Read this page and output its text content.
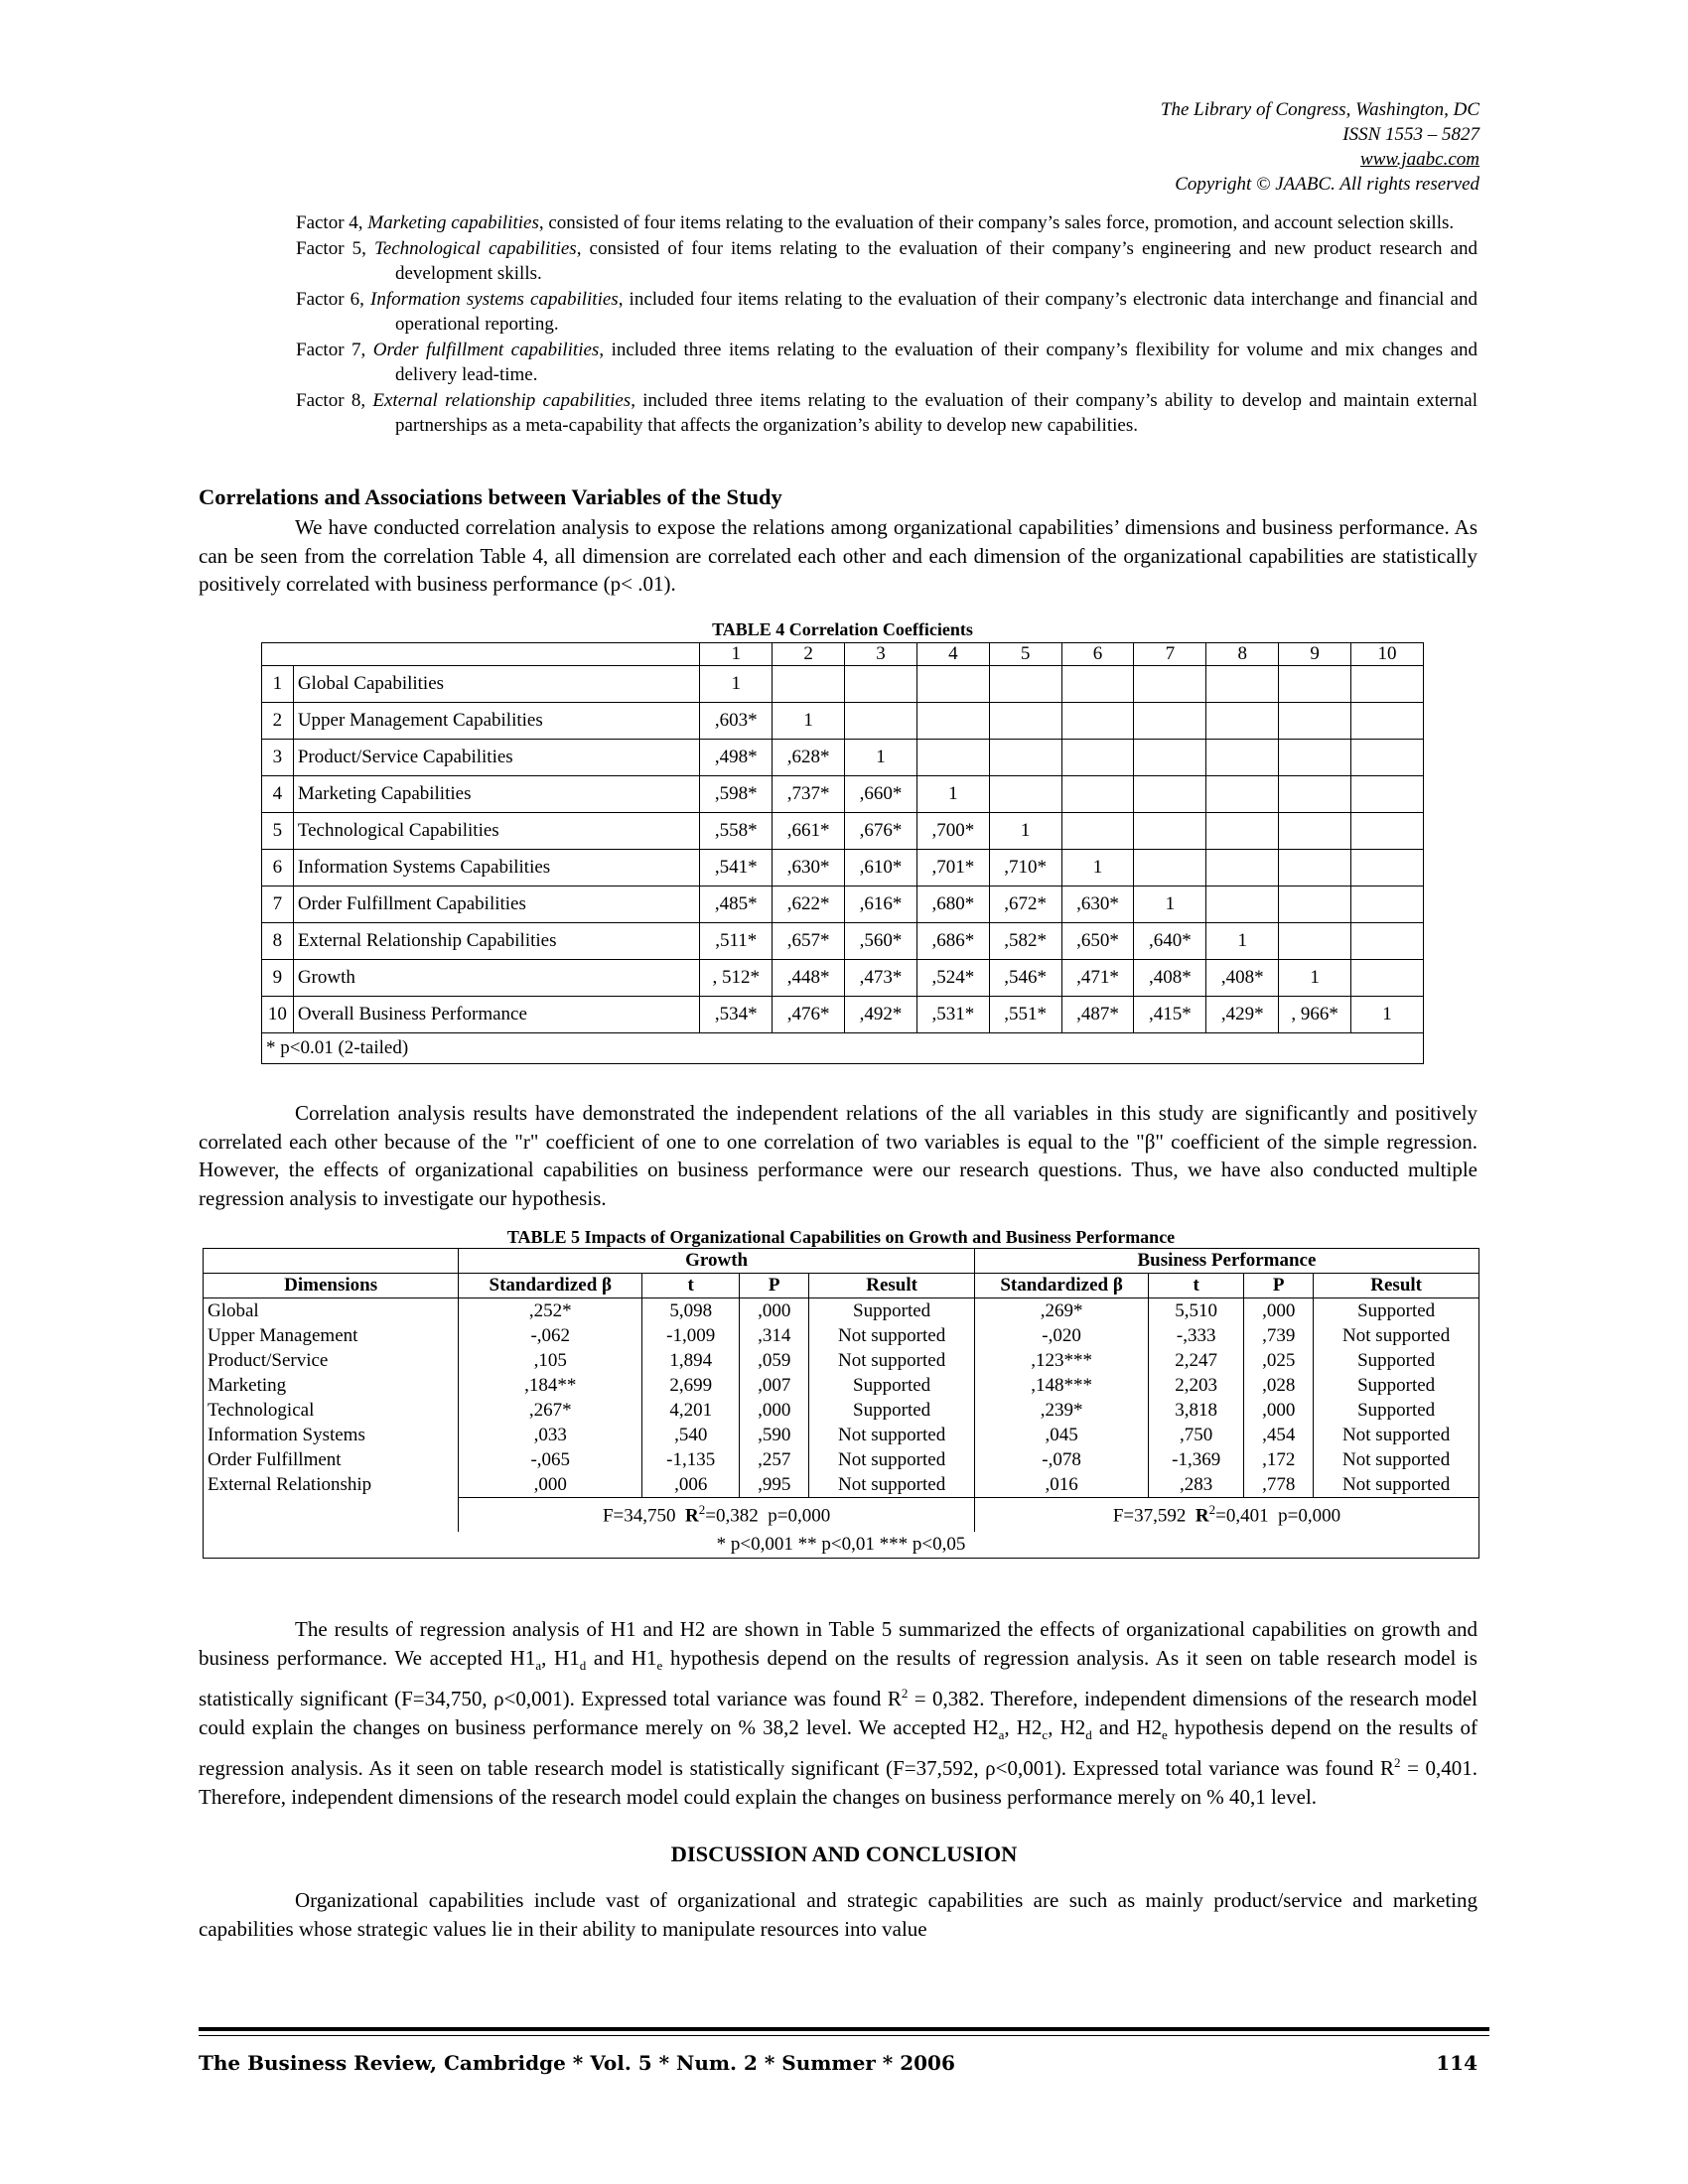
The Library of Congress, Washington, DC
ISSN 1553 – 5827
www.jaabc.com
Copyright © JAABC. All rights reserved

Factor 4, Marketing capabilities, consisted of four items relating to the evaluation of their company’s sales force, promotion, and account selection skills.

Factor 5, Technological capabilities, consisted of four items relating to the evaluation of their company’s engineering and new product research and development skills.

Factor 6, Information systems capabilities, included four items relating to the evaluation of their company’s electronic data interchange and financial and operational reporting.

Factor 7, Order fulfillment capabilities, included three items relating to the evaluation of their company’s flexibility for volume and mix changes and delivery lead-time.

Factor 8, External relationship capabilities, included three items relating to the evaluation of their company’s ability to develop and maintain external partnerships as a meta-capability that affects the organization’s ability to develop new capabilities.

Correlations and Associations between Variables of the Study

We have conducted correlation analysis to expose the relations among organizational capabilities’ dimensions and business performance. As can be seen from the correlation Table 4, all dimension are correlated each other and each dimension of the organizational capabilities are statistically positively correlated with business performance (p< .01).

TABLE 4 Correlation Coefficients
		1	2	3	4	5	6	7	8	9	10
1	Global Capabilities	1									
2	Upper Management Capabilities	,603*	1								
3	Product/Service Capabilities	,498*	,628*	1							
4	Marketing Capabilities	,598*	,737*	,660*	1						
5	Technological Capabilities	,558*	,661*	,676*	,700*	1					
6	Information Systems Capabilities	,541*	,630*	,610*	,701*	,710*	1				
7	Order Fulfillment Capabilities	,485*	,622*	,616*	,680*	,672*	,630*	1			
8	External Relationship Capabilities	,511*	,657*	,560*	,686*	,582*	,650*	,640*	1		
9	Growth	, 512*	,448*	,473*	,524*	,546*	,471*	,408*	,408*	1	
10	Overall Business Performance	,534*	,476*	,492*	,531*	,551*	,487*	,415*	,429*	, 966*	1
* p<0.01 (2-tailed)											

Correlation analysis results have demonstrated the independent relations of the all variables in this study are significantly and positively correlated each other because of the "r" coefficient of one to one correlation of two variables is equal to the "β" coefficient of the simple regression. However, the effects of organizational capabilities on business performance were our research questions. Thus, we have also conducted multiple regression analysis to investigate our hypothesis.

TABLE 5 Impacts of Organizational Capabilities on Growth and Business Performance
	Growth				Business Performance			
Dimensions	Standardized β	t	P	Result	Standardized β	t	P	Result
Global	,252*	5,098	,000	Supported	,269*	5,510	,000	Supported
Upper Management	-,062	-1,009	,314	Not supported	-,020	-,333	,739	Not supported
Product/Service	,105	1,894	,059	Not supported	,123***	2,247	,025	Supported
Marketing	,184**	2,699	,007	Supported	,148***	2,203	,028	Supported
Technological	,267*	4,201	,000	Supported	,239*	3,818	,000	Supported
Information Systems	,033	,540	,590	Not supported	,045	,750	,454	Not supported
Order Fulfillment	-,065	-1,135	,257	Not supported	-,078	-1,369	,172	Not supported
External Relationship	,000	,006	,995	Not supported	,016	,283	,778	Not supported
	F=34,750 $R^2=0,382$ p=0,000				F=37,592 $R^2=0,401$ p=0,000			
* p<0,001 ** p<0,01 *** p<0,05								

The results of regression analysis of H1 and H2 are shown in Table 5 summarized the effects of organizational capabilities on growth and business performance. We accepted $H1_a$, $H1_d$ and $H1_e$ hypothesis depend on the results of regression analysis. As it seen on table research model is statistically significant (F=34,750, ρ<0,001). Expressed total variance was found $R^2 = 0,382$. Therefore, independent dimensions of the research model could explain the changes on business performance merely on % 38,2 level. We accepted $H2_a$, $H2_c$, $H2_d$ and $H2_e$ hypothesis depend on the results of regression analysis. As it seen on table research model is statistically significant (F=37,592, ρ<0,001). Expressed total variance was found $R^2 = 0,401$. Therefore, independent dimensions of the research model could explain the changes on business performance merely on % 40,1 level.

DISCUSSION AND CONCLUSION

Organizational capabilities include vast of organizational and strategic capabilities are such as mainly product/service and marketing capabilities whose strategic values lie in their ability to manipulate resources into value

The Business Review, Cambridge * Vol. 5 * Num. 2 * Summer * 2006	114
